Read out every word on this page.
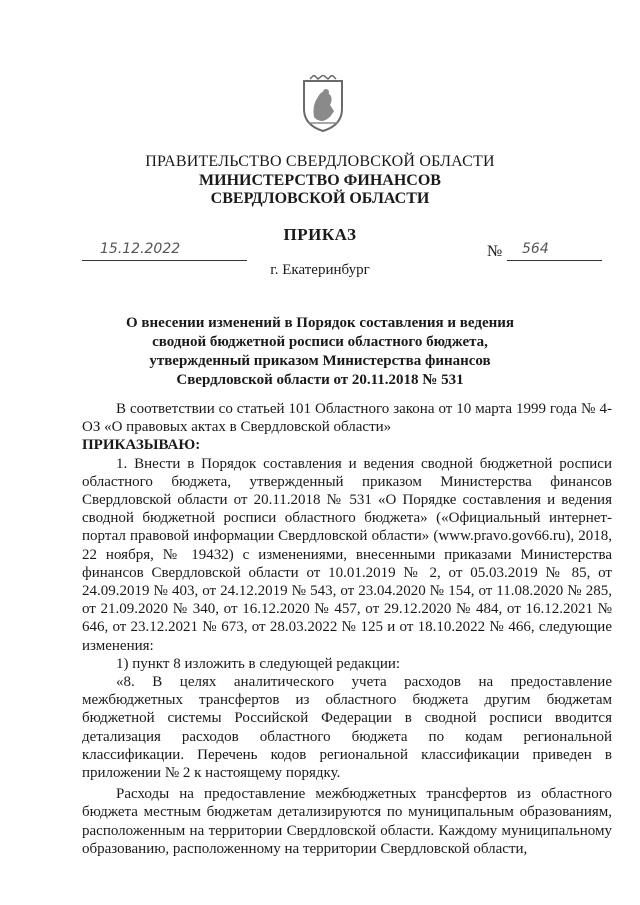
ПРАВИТЕЛЬСТВО СВЕРДЛОВСКОЙ ОБЛАСТИ
МИНИСТЕРСТВО ФИНАНСОВ
СВЕРДЛОВСКОЙ ОБЛАСТИ
ПРИКАЗ
15.12.2022	№ 564
г. Екатеринбург
О внесении изменений в Порядок составления и ведения сводной бюджетной росписи областного бюджета, утвержденный приказом Министерства финансов Свердловской области от 20.11.2018 № 531
В соответствии со статьей 101 Областного закона от 10 марта 1999 года № 4-ОЗ «О правовых актах в Свердловской области»
ПРИКАЗЫВАЮ:
1. Внести в Порядок составления и ведения сводной бюджетной росписи областного бюджета, утвержденный приказом Министерства финансов Свердловской области от 20.11.2018 № 531 «О Порядке составления и ведения сводной бюджетной росписи областного бюджета» («Официальный интернет-портал правовой информации Свердловской области» (www.pravo.gov66.ru), 2018, 22 ноября, № 19432) с изменениями, внесенными приказами Министерства финансов Свердловской области от 10.01.2019 № 2, от 05.03.2019 № 85, от 24.09.2019 № 403, от 24.12.2019 № 543, от 23.04.2020 № 154, от 11.08.2020 № 285, от 21.09.2020 № 340, от 16.12.2020 № 457, от 29.12.2020 № 484, от 16.12.2021 № 646, от 23.12.2021 № 673, от 28.03.2022 № 125 и от 18.10.2022 № 466, следующие изменения:
1) пункт 8 изложить в следующей редакции:
«8. В целях аналитического учета расходов на предоставление межбюджетных трансфертов из областного бюджета другим бюджетам бюджетной системы Российской Федерации в сводной росписи вводится детализация расходов областного бюджета по кодам региональной классификации. Перечень кодов региональной классификации приведен в приложении № 2 к настоящему порядку.
Расходы на предоставление межбюджетных трансфертов из областного бюджета местным бюджетам детализируются по муниципальным образованиям, расположенным на территории Свердловской области. Каждому муниципальному образованию, расположенному на территории Свердловской области,
